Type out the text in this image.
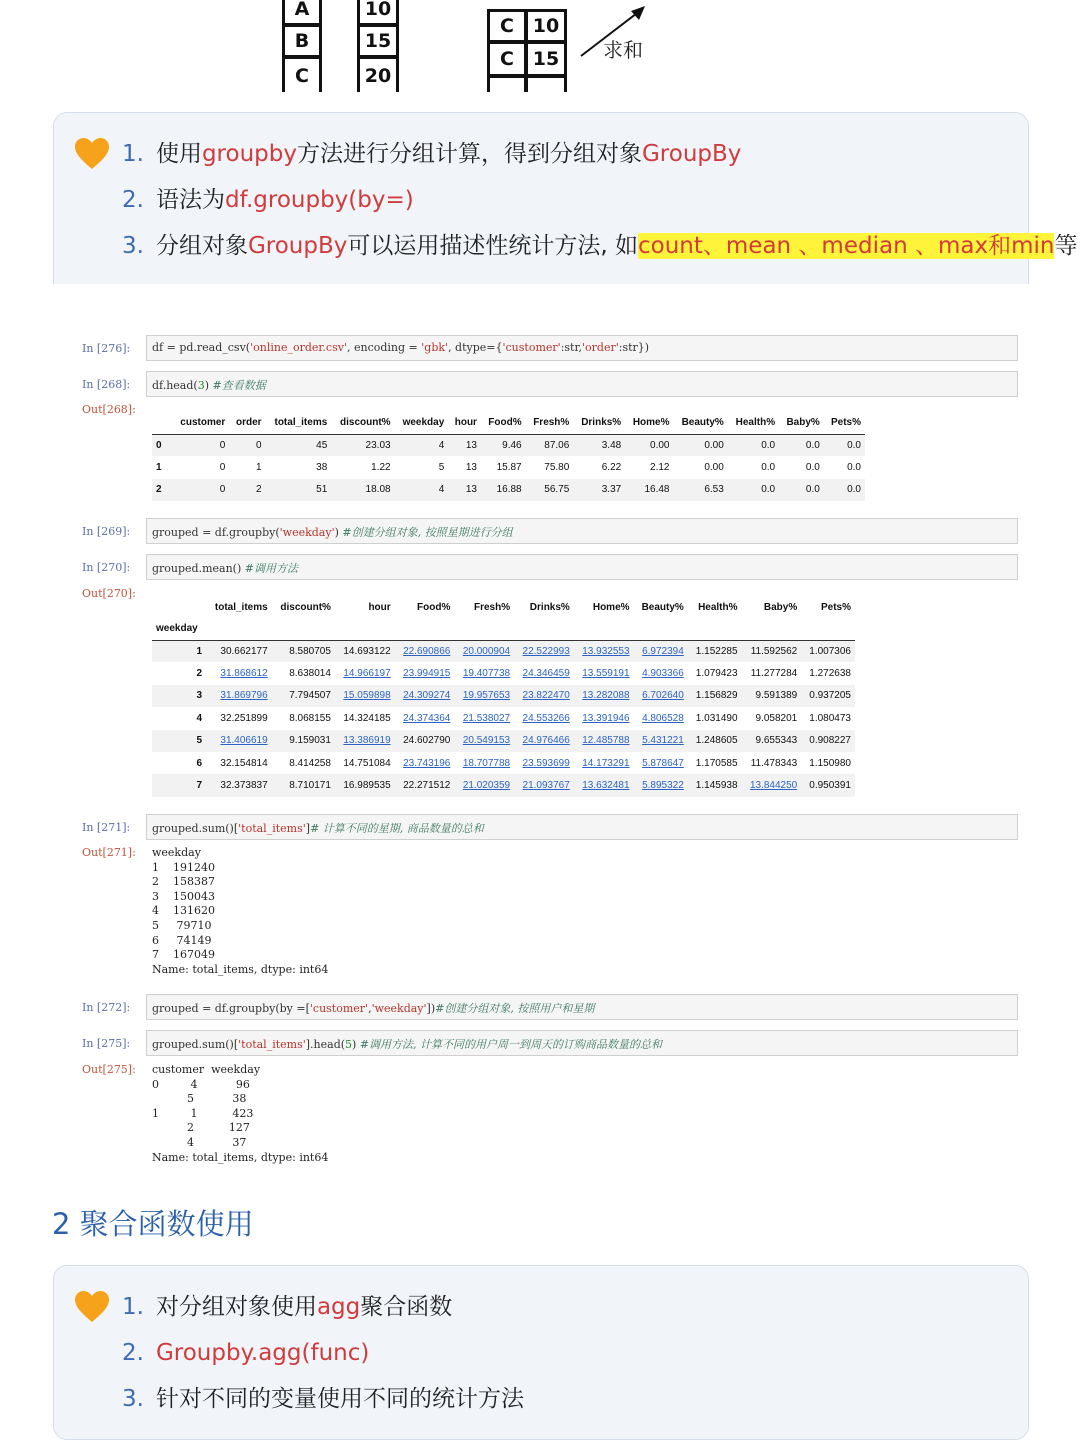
A
B
C
10
15
20
C
C
10
15 求和
1. 使用groupby方法进行分组计算，得到分组对象GroupBy
2. 语法为df.groupby(by=)
3. 分组对象GroupBy可以运用描述性统计方法, 如count、mean 、median 、max和min等
In [276]:	df = pd.read_csv('online_order.csv', encoding = 'gbk', dtype={'customer':str,'order':str})
In [268]:	df.head(3) #查看数据
Out[268]:
	customer	order	total_items	discount%	weekday	hour	Food%	Fresh%	Drinks%	Home%	Beauty%	Health%	Baby%	Pets%
0	0	0	45	23.03	4	13	9.46	87.06	3.48	0.00	0.00	0.0	0.0	0.0
1	0	1	38	1.22	5	13	15.87	75.80	6.22	2.12	0.00	0.0	0.0	0.0
2	0	2	51	18.08	4	13	16.88	56.75	3.37	16.48	6.53	0.0	0.0	0.0
In [269]:	grouped = df.groupby('weekday') #创建分组对象, 按照星期进行分组
In [270]:	grouped.mean() #调用方法
Out[270]:
	total_items	discount%	hour	Food%	Fresh%	Drinks%	Home%	Beauty%	Health%	Baby%	Pets%
weekday											
1	30.662177	8.580705	14.693122	22.690866	20.000904	22.522993	13.932553	6.972394	1.152285	11.592562	1.007306
2	31.868612	8.638014	14.966197	23.994915	19.407738	24.346459	13.559191	4.903366	1.079423	11.277284	1.272638
3	31.869796	7.794507	15.059898	24.309274	19.957653	23.822470	13.282088	6.702640	1.156829	9.591389	0.937205
4	32.251899	8.068155	14.324185	24.374364	21.538027	24.553266	13.391946	4.806528	1.031490	9.058201	1.080473
5	31.406619	9.159031	13.386919	24.602790	20.549153	24.976466	12.485788	5.431221	1.248605	9.655343	0.908227
6	32.154814	8.414258	14.751084	23.743196	18.707788	23.593699	14.173291	5.878647	1.170585	11.478343	1.150980
7	32.373837	8.710171	16.989535	22.271512	21.020359	21.093767	13.632481	5.895322	1.145938	13.844250	0.950391
In [271]:	grouped.sum()['total_items']# 计算不同的星期, 商品数量的总和
Out[271]:	weekday
1    191240
2    158387
3    150043
4    131620
5     79710
6     74149
7    167049
Name: total_items, dtype: int64
In [272]:	grouped = df.groupby(by =['customer','weekday'])#创建分组对象, 按照用户和星期
In [275]:	grouped.sum()['total_items'].head(5) #调用方法, 计算不同的用户周一到周天的订购商品数量的总和
Out[275]:	customer  weekday
0         4           96
5           38
1         1          423
2          127
4           37
Name: total_items, dtype: int64
2 聚合函数使用
1. 对分组对象使用agg聚合函数
2. Groupby.agg(func)
3. 针对不同的变量使用不同的统计方法
